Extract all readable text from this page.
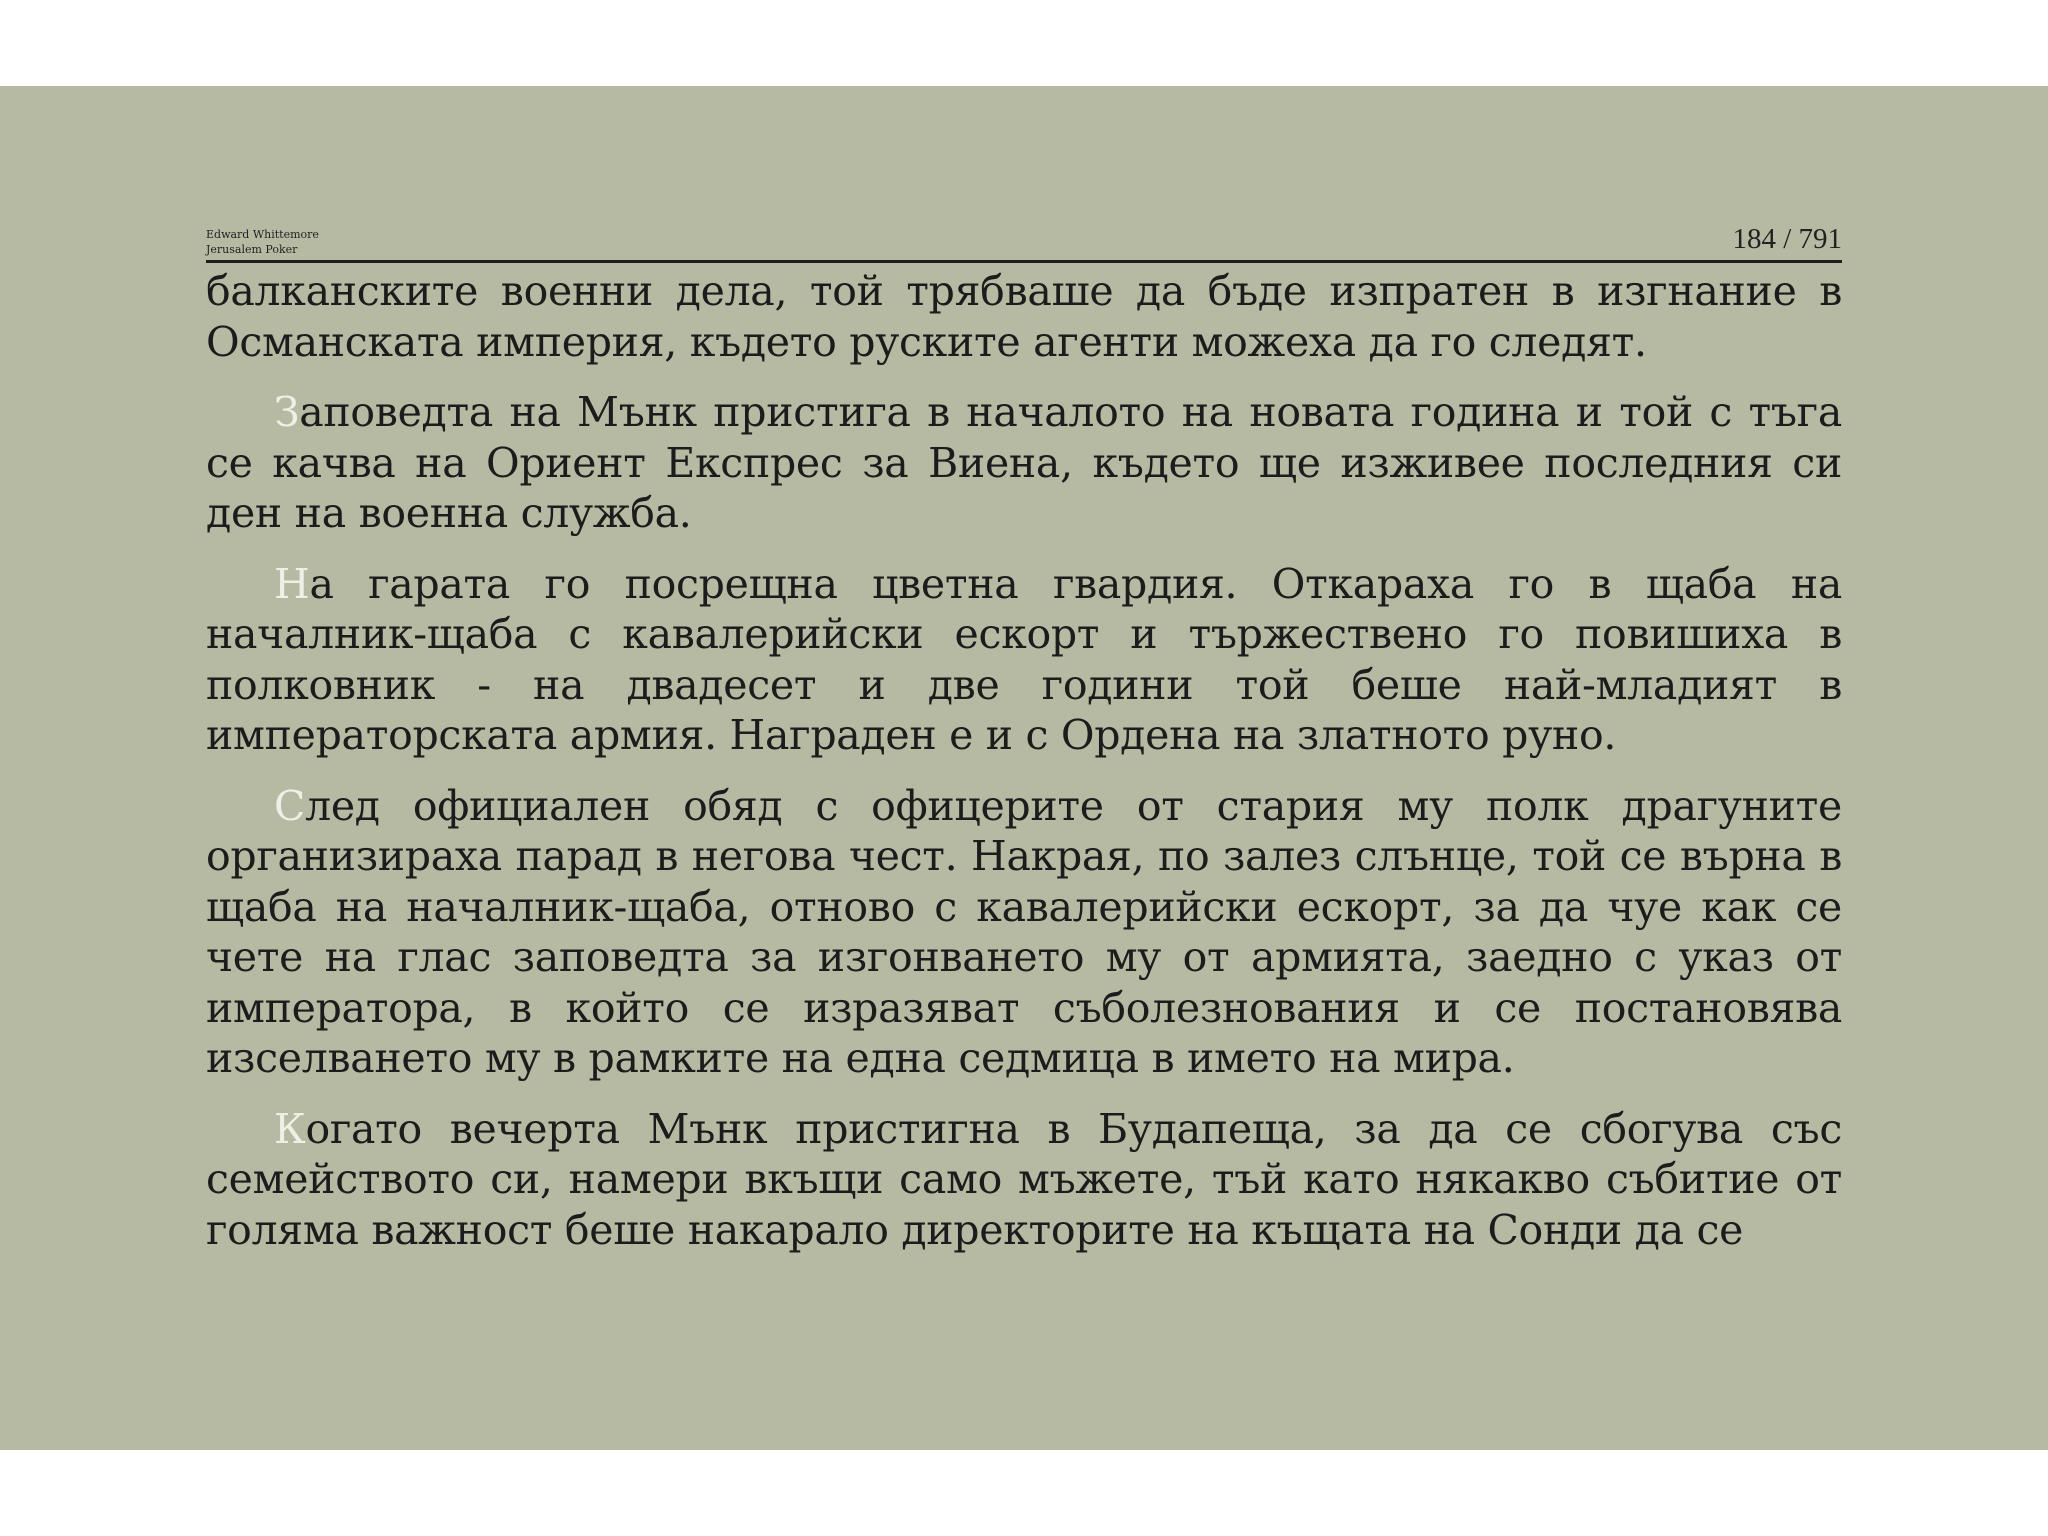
Edward Whittemore
Jerusalem Poker	184 / 791

балканските военни дела, той трябваше да бъде изпратен в изгнание в Османската империя, където руските агенти можеха да го следят.

Заповедта на Мънк пристига в началото на новата година и той с тъга се качва на Ориент Експрес за Виена, където ще изживее последния си ден на военна служба.

На гарата го посрещна цветна гвардия. Откараха го в щаба на началник-щаба с кавалерийски ескорт и тържествено го повишиха в полковник - на двадесет и две години той беше най-младият в императорската армия. Награден е и с Ордена на златното руно.

След официален обяд с офицерите от стария му полк драгуните организираха парад в негова чест. Накрая, по залез слънце, той се върна в щаба на началник-щаба, отново с кавалерийски ескорт, за да чуе как се чете на глас заповедта за изгонването му от армията, заедно с указ от императора, в който се изразяват съболезнования и се постановява изселването му в рамките на една седмица в името на мира.

Когато вечерта Мънк пристигна в Будапеща, за да се сбогува със семейството си, намери вкъщи само мъжете, тъй като някакво събитие от голяма важност беше накарало директорите на къщата на Сонди да се
